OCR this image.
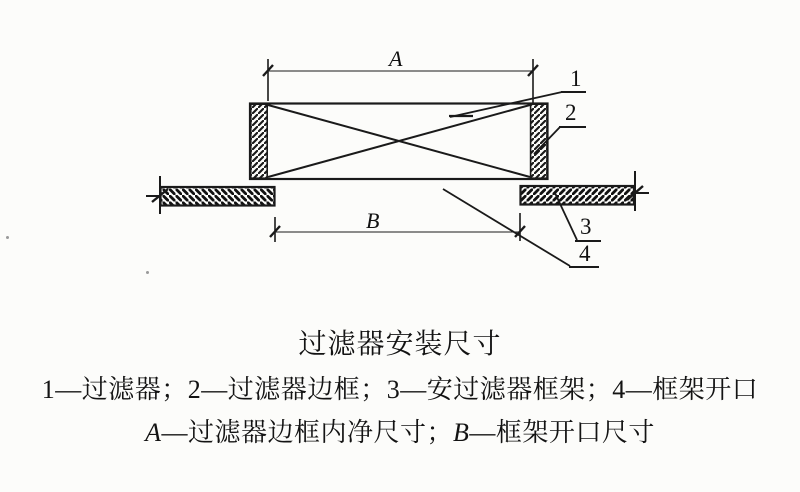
A
B
1
2
3
4
过滤器安装尺寸
1—过滤器；2—过滤器边框；3—安过滤器框架；4—框架开口
A—过滤器边框内净尺寸；B—框架开口尺寸
